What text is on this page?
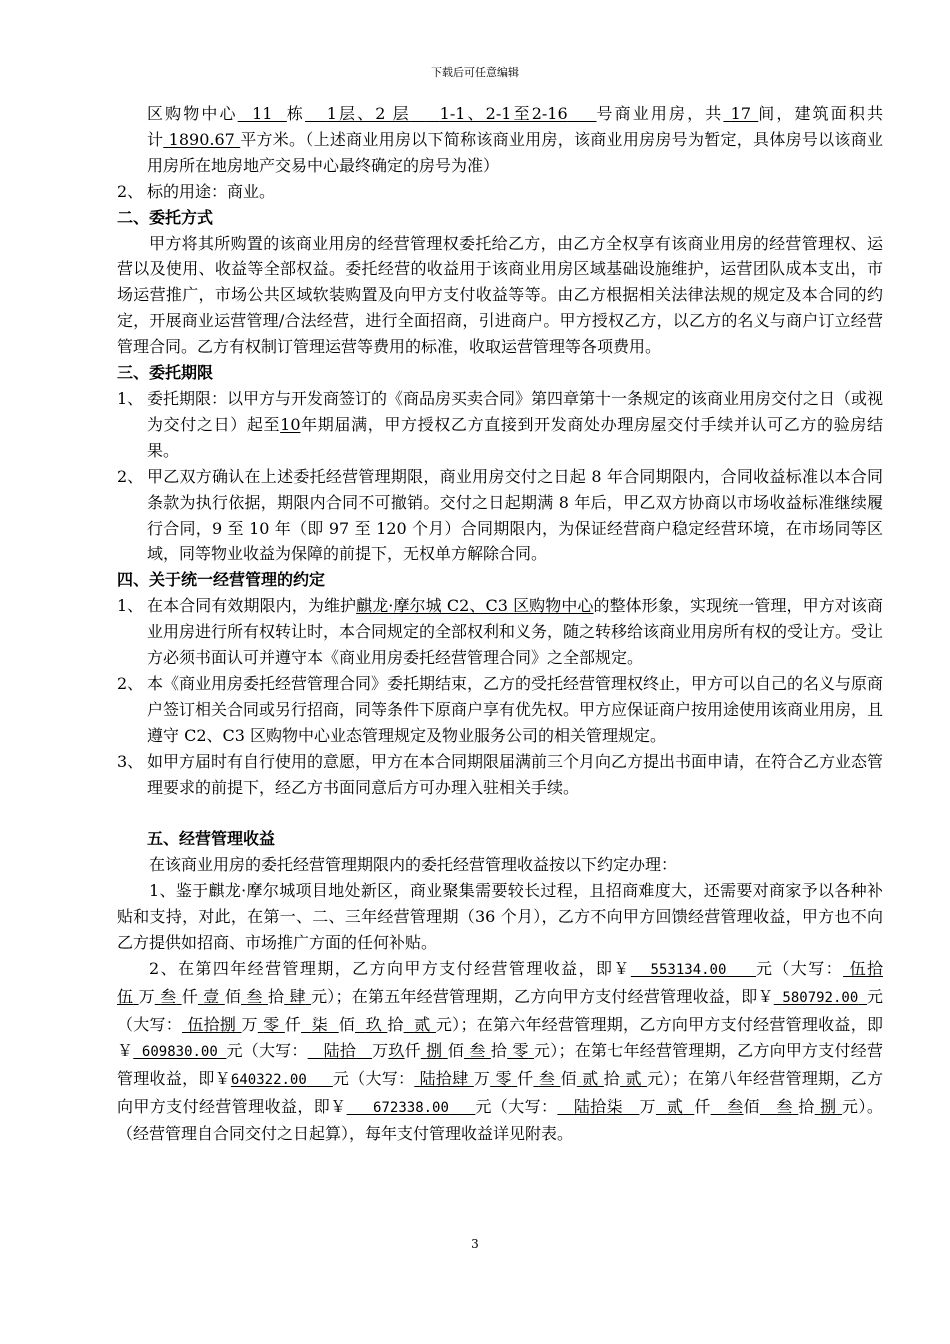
下载后可任意编辑

区购物中心 11 栋 1层、2 层 1-1、2-1至2-16 号商业用房，共 17 间，建筑面积共计 1890.67 平方米。（上述商业用房以下简称该商业用房，该商业用房房号为暂定，具体房号以该商业用房所在地房地产交易中心最终确定的房号为准）

2、 标的用途：商业。

二、委托方式

甲方将其所购置的该商业用房的经营管理权委托给乙方，由乙方全权享有该商业用房的经营管理权、运营以及使用、收益等全部权益。委托经营的收益用于该商业用房区域基础设施维护，运营团队成本支出，市场运营推广，市场公共区域软装购置及向甲方支付收益等等。由乙方根据相关法律法规的规定及本合同的约定，开展商业运营管理/合法经营，进行全面招商，引进商户。甲方授权乙方，以乙方的名义与商户订立经营管理合同。乙方有权制订管理运营等费用的标准，收取运营管理等各项费用。

三、委托期限

1、 委托期限：以甲方与开发商签订的《商品房买卖合同》第四章第十一条规定的该商业用房交付之日（或视为交付之日）起至10年期届满，甲方授权乙方直接到开发商处办理房屋交付手续并认可乙方的验房结果。
2、 甲乙双方确认在上述委托经营管理期限，商业用房交付之日起 8 年合同期限内，合同收益标准以本合同条款为执行依据，期限内合同不可撤销。交付之日起期满 8 年后，甲乙双方协商以市场收益标准继续履行合同，9 至 10 年（即 97 至 120 个月）合同期限内，为保证经营商户稳定经营环境，在市场同等区域，同等物业收益为保障的前提下，无权单方解除合同。

四、关于统一经营管理的约定

1、 在本合同有效期限内，为维护麒龙·摩尔城 C2、C3 区购物中心的整体形象，实现统一管理，甲方对该商业用房进行所有权转让时，本合同规定的全部权利和义务，随之转移给该商业用房所有权的受让方。受让方必须书面认可并遵守本《商业用房委托经营管理合同》之全部规定。
2、 本《商业用房委托经营管理合同》委托期结束，乙方的受托经营管理权终止，甲方可以自己的名义与原商户签订相关合同或另行招商，同等条件下原商户享有优先权。甲方应保证商户按用途使用该商业用房，且遵守 C2、C3 区购物中心业态管理规定及物业服务公司的相关管理规定。
3、 如甲方届时有自行使用的意愿，甲方在本合同期限届满前三个月向乙方提出书面申请，在符合乙方业态管理要求的前提下，经乙方书面同意后方可办理入驻相关手续。

五、经营管理收益

在该商业用房的委托经营管理期限内的委托经营管理收益按以下约定办理：

1、鉴于麒龙·摩尔城项目地处新区，商业聚集需要较长过程，且招商难度大，还需要对商家予以各种补贴和支持，对此，在第一、二、三年经营管理期（36 个月），乙方不向甲方回馈经营管理收益，甲方也不向乙方提供如招商、市场推广方面的任何补贴。

2、在第四年经营管理期，乙方向甲方支付经营管理收益，即￥ 553134.00 元（大写： 伍拾伍 万 叁 仟 壹 佰 叁 拾 肆 元）；在第五年经营管理期，乙方向甲方支付经营管理收益，即￥ 580792.00 元（大写： 伍拾捌 万 零 仟 柒 佰 玖 拾 贰 元）；在第六年经营管理期，乙方向甲方支付经营管理收益，即￥ 609830.00 元（大写： 陆拾 万玖仟 捌 佰 叁 拾 零 元）；在第七年经营管理期，乙方向甲方支付经营管理收益，即￥640322.00 元（大写： 陆拾肆 万 零 仟 叁 佰 贰 拾 贰 元）；在第八年经营管理期，乙方向甲方支付经营管理收益，即￥ 672338.00 元（大写： 陆拾柒 万 贰 仟 叁佰 叁 拾 捌 元）。（经营管理自合同交付之日起算），每年支付管理收益详见附表。

3
